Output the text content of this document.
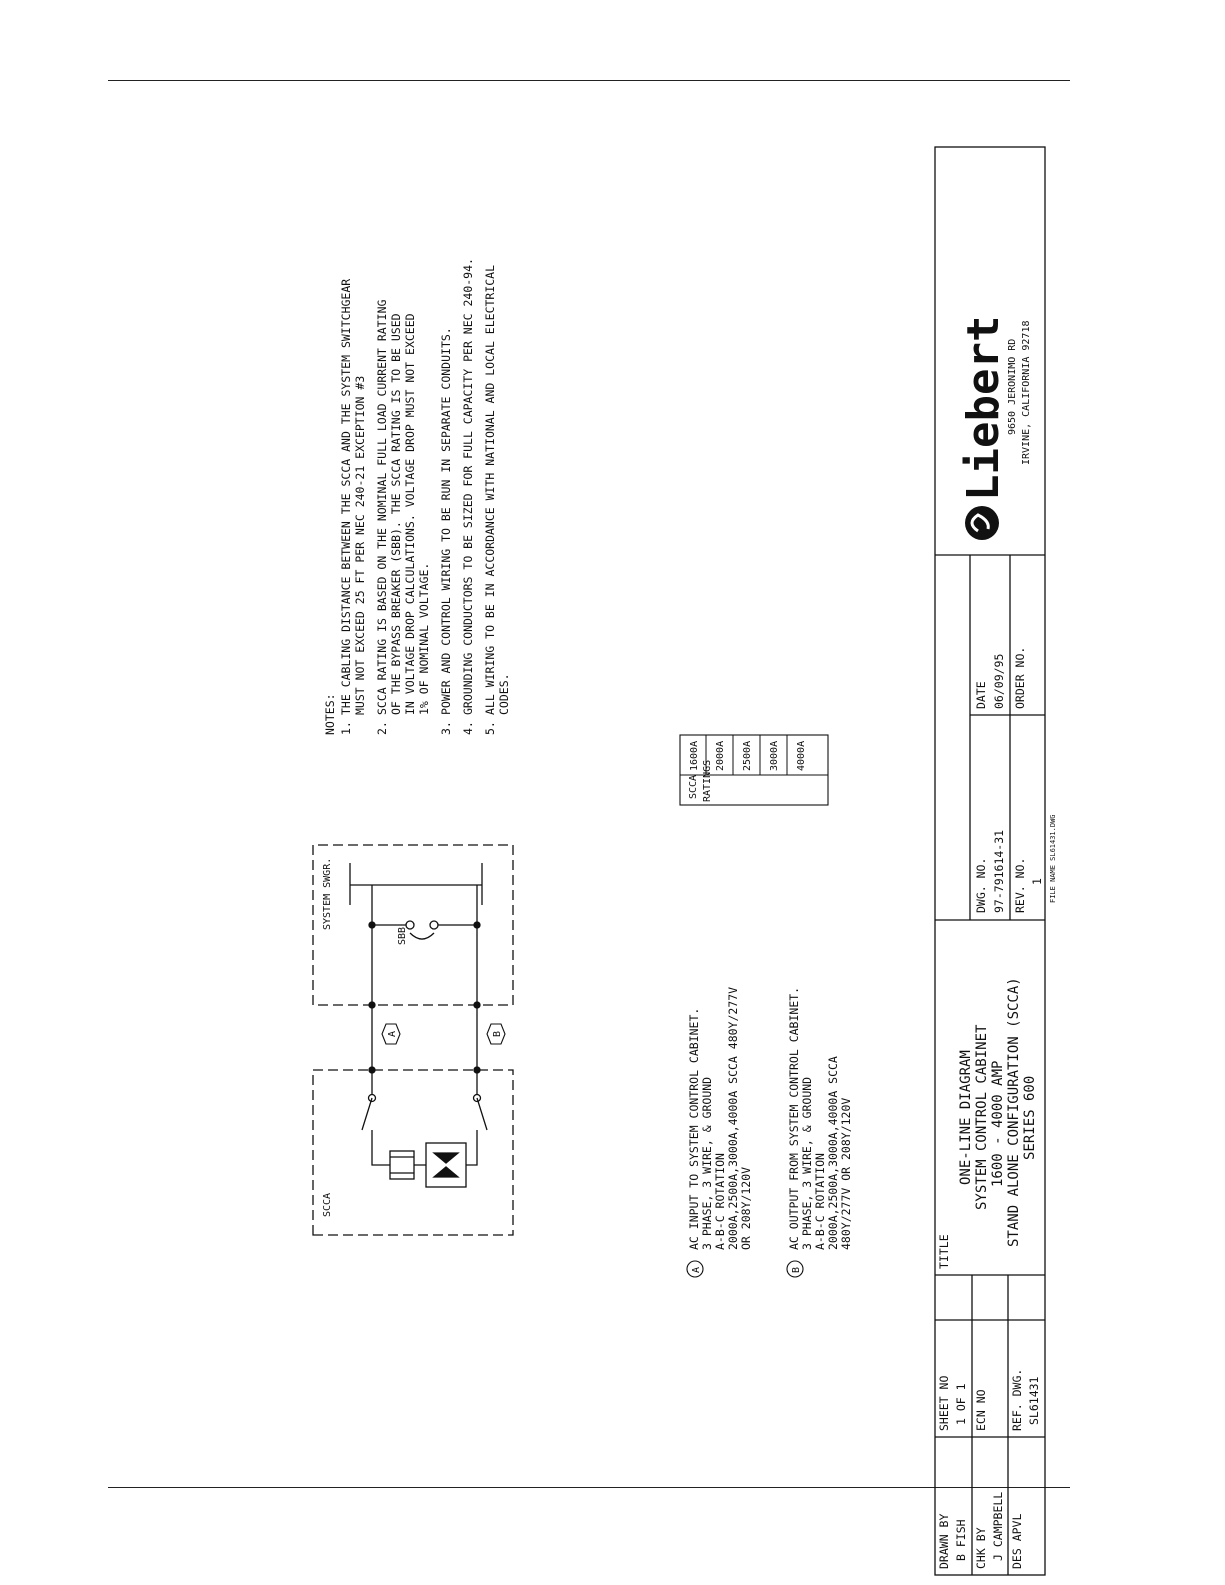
NOTES: 1.
THE CABLING DISTANCE BETWEEN THE SCCA AND THE SYSTEM SWITCHGEAR MUST NOT EXCEED 25 FT PER NEC 240-21 EXCEPTION #3
2.
SCCA RATING IS BASED ON THE NOMINAL FULL LOAD CURRENT RATING OF THE BYPASS BREAKER (SBB). THE SCCA RATING IS TO BE USED IN VOLTAGE DROP CALCULATIONS. VOLTAGE DROP MUST NOT EXCEED 1% OF NOMINAL VOLTAGE.
3.
POWER AND CONTROL WIRING TO BE RUN IN SEPARATE CONDUITS.
4.
GROUNDING CONDUCTORS TO BE SIZED FOR FULL CAPACITY PER NEC 240-94.
5.
ALL WIRING TO BE IN ACCORDANCE WITH NATIONAL AND LOCAL ELECTRICAL CODES.
SCCA
SYSTEM SWGR.
SBB
A	B
A
AC INPUT TO SYSTEM CONTROL CABINET. 3 PHASE, 3 WIRE, & GROUND A-B-C ROTATION 2000A,2500A,3000A,4000A SCCA 480Y/277V OR 208Y/120V
B
AC OUTPUT FROM SYSTEM CONTROL CABINET. 3 PHASE, 3 WIRE, & GROUND A-B-C ROTATION 2000A,2500A,3000A,4000A SCCA 480Y/277V OR 208Y/120V
SCCA RATINGS
1600A 2000A 2500A 3000A 4000A
DRAWN BY B FISH CHK BY J CAMPBELL DES APVL
SHEET NO 1 OF 1 ECN NO REF. DWG. SL61431
TITLE
ONE-LINE DIAGRAM SYSTEM CONTROL CABINET 1600 - 4000 AMP STAND ALONE CONFIGURATION (SCCA) SERIES 600
DWG. NO. 97-791614-31
DATE 06/09/95
REV. NO. 1
ORDER NO.
FILE NAME SL61431.DWG
Liebert
9650 JERONIMO RD IRVINE, CALIFORNIA 92718
